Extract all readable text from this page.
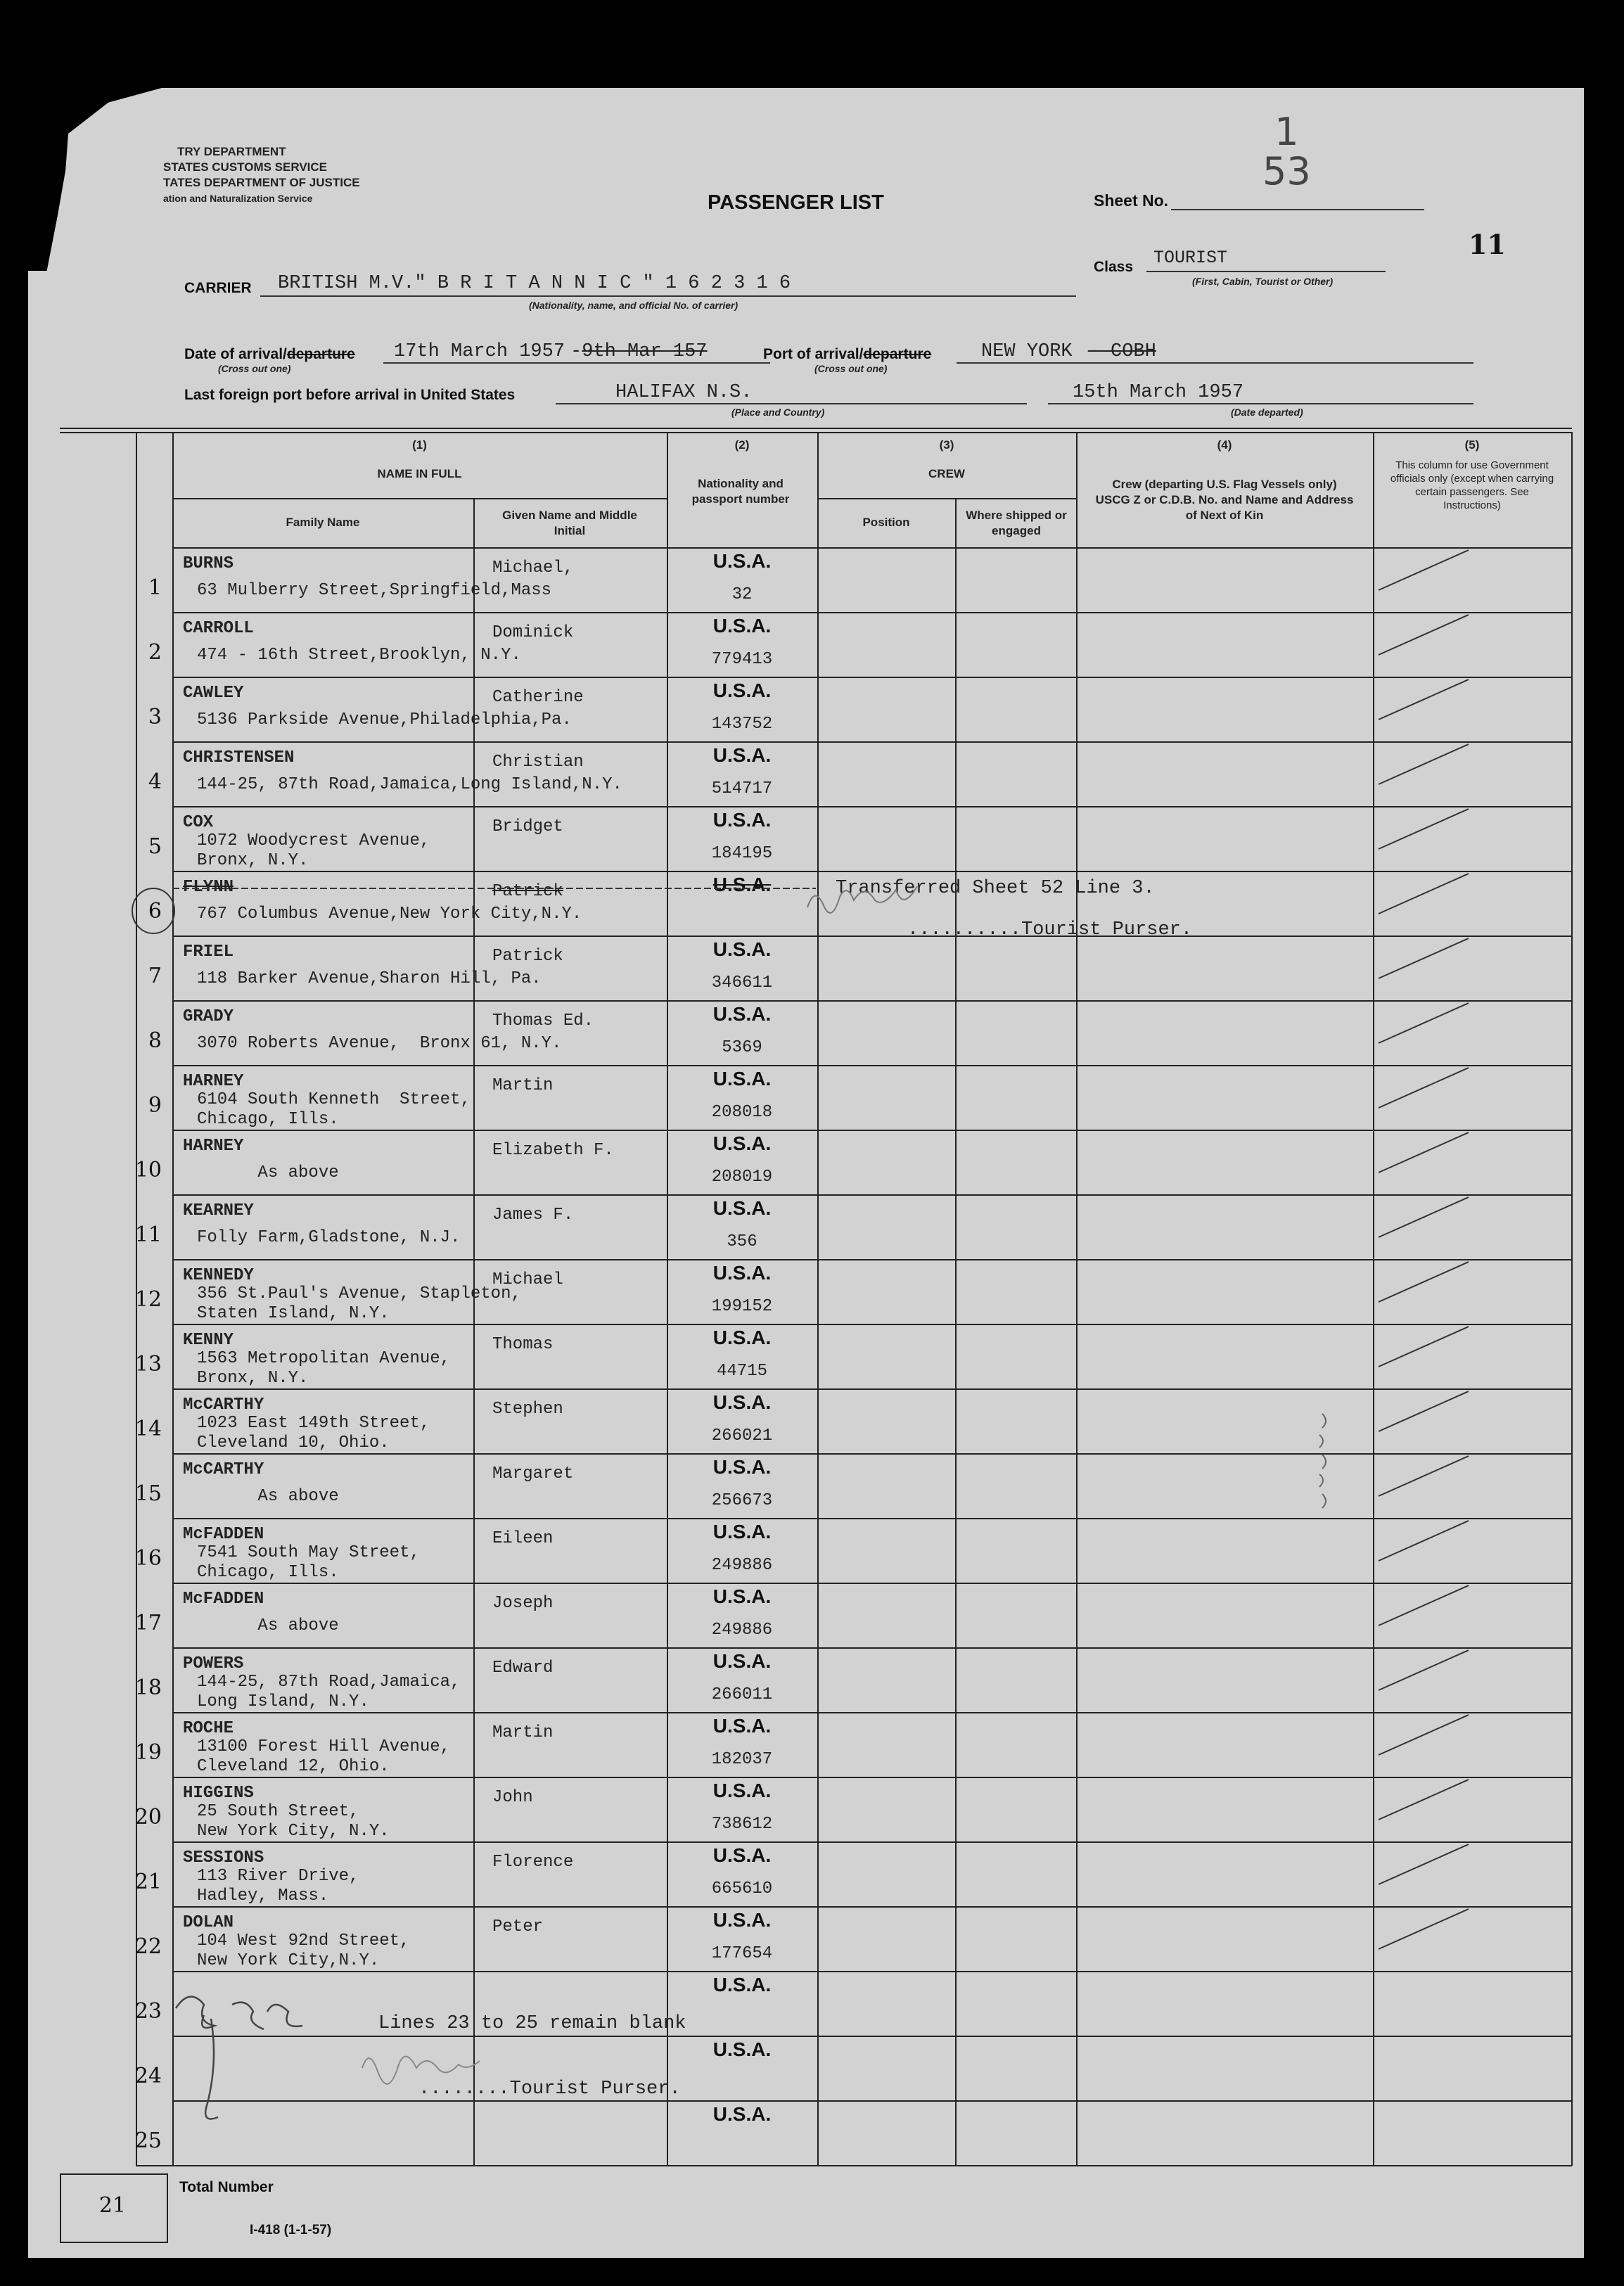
TRY DEPARTMENT
STATES CUSTOMS SERVICE
TATES DEPARTMENT OF JUSTICE
ation and Naturalization Service	PASSENGER LIST	Sheet No.
1
53
11
Class TOURIST
(First, Cabin, Tourist or Other)
CARRIER BRITISH M.V." B R I T A N N I C " 1 6 2 3 1 6
(Nationality, name, and official No. of carrier)
Date of arrival/departure
(Cross out one)
17th March 1957 -9th Mar 157	Port of arrival/departure
(Cross out one)
NEW YORK - COBH
Last foreign port before arrival in United States	HALIFAX N.S.
(Place and Country)
15th March 1957
(Date departed)
(1)
NAME IN FULL
Family Name
Given Name and Middle Initial
(2)
Nationality and passport number
(3)
CREW
Position
Where shipped or engaged
(4)
Crew (departing U.S. Flag Vessels only) USCG Z or C.D.B. No. and Name and Address of Next of Kin
(5)
This column for use Government officials only (except when carrying certain passengers. See Instructions)
1
BURNS
63 Mulberry Street,Springfield,Mass
Michael,	U.S.A.
32
2
CARROLL
474 - 16th Street,Brooklyn, N.Y.
Dominick	U.S.A.
779413
3
CAWLEY
5136 Parkside Avenue,Philadelphia,Pa.
Catherine	U.S.A.
143752
4
CHRISTENSEN
144-25, 87th Road,Jamaica,Long Island,N.Y.
Christian	U.S.A.
514717
5
COX
1072 Woodycrest Avenue,
Bronx, N.Y.
Bridget	U.S.A.
184195
6
FLYNN
767 Columbus Avenue,New York City,N.Y.
Patrick	U.S.A.
7
FRIEL
118 Barker Avenue,Sharon Hill, Pa.
Patrick	U.S.A.
346611
8
GRADY
3070 Roberts Avenue,  Bronx 61, N.Y.
Thomas Ed.	U.S.A.
5369
9
HARNEY
6104 South Kenneth  Street,
Chicago, Ills.
Martin	U.S.A.
208018
10
HARNEY
As above
Elizabeth F.	U.S.A.
208019
11
KEARNEY
Folly Farm,Gladstone, N.J.
James F.	U.S.A.
356
12
KENNEDY
356 St.Paul's Avenue, Stapleton,
Staten Island, N.Y.
Michael	U.S.A.
199152
13
KENNY
1563 Metropolitan Avenue,
Bronx, N.Y.
Thomas	U.S.A.
44715
14
McCARTHY
1023 East 149th Street,
Cleveland 10, Ohio.
Stephen	U.S.A.
266021
15
McCARTHY
As above
Margaret	U.S.A.
256673
16
McFADDEN
7541 South May Street,
Chicago, Ills.
Eileen	U.S.A.
249886
17
McFADDEN
As above
Joseph	U.S.A.
249886
18
POWERS
144-25, 87th Road,Jamaica,
Long Island, N.Y.
Edward	U.S.A.
266011
19
ROCHE
13100 Forest Hill Avenue,
Cleveland 12, Ohio.
Martin	U.S.A.
182037
20
HIGGINS
25 South Street,
New York City, N.Y.
John	U.S.A.
738612
21
SESSIONS
113 River Drive,
Hadley, Mass.
Florence	U.S.A.
665610
22
DOLAN
104 West 92nd Street,
New York City,N.Y.
Peter	U.S.A.
177654
23
U.S.A.
24
U.S.A.
25
U.S.A.
Transferred Sheet 52 Line 3.
..........Tourist Purser.
Lines 23 to 25 remain blank
........Tourist Purser.
21
Total Number
I-418 (1-1-57)
